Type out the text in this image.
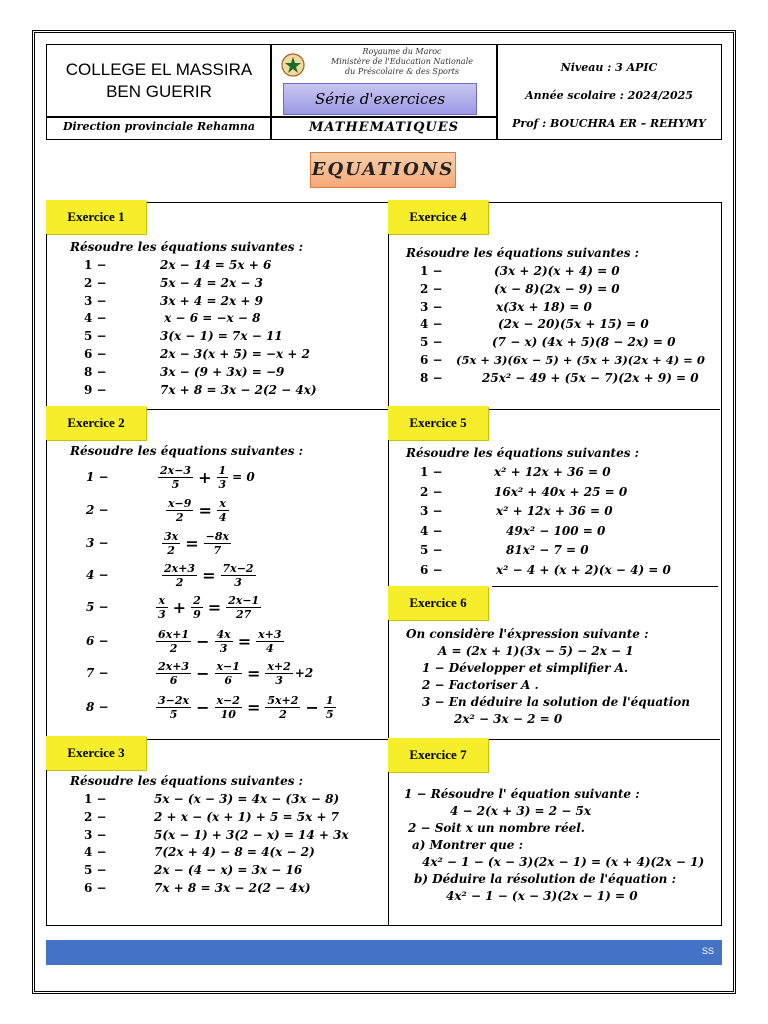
COLLEGE EL MASSIRA
BEN GUERIR
Direction provinciale Rehamna
Royaume du Maroc
Ministère de l'Education Nationale
du Préscolaire & des Sports
Série d'exercices
MATHEMATIQUES
Niveau : 3 APIC
Année scolaire : 2024/2025
Prof : BOUCHRA ER – REHYMY
EQUATIONS
Exercice 1
Résoudre les équations suivantes :
1 −	2x − 14 = 5x + 6
2 −	5x − 4 = 2x − 3
3 −	3x + 4 = 2x + 9
4 −	x − 6 = −x − 8
5 −	3(x − 1) = 7x − 11
6 −	2x − 3(x + 5) = −x + 2
8 −	3x − (9 + 3x) = −9
9 −	7x + 8 = 3x − 2(2 − 4x)
Exercice 4
Résoudre les équations suivantes :
1 −	(3x + 2)(x + 4) = 0
2 −	(x − 8)(2x − 9) = 0
3 −	x(3x + 18) = 0
4 −	(2x − 20)(5x + 15) = 0
5 −	(7 − x) (4x + 5)(8 − 2x) = 0
6 − (5x + 3)(6x − 5) + (5x + 3)(2x + 4) = 0
8 −	25x² − 49 + (5x − 7)(2x + 9) = 0
Exercice 2
Résoudre les équations suivantes :
1 −	$\frac{2x-3}{5} + \frac{1}{3} = 0$
2 −	$\frac{x-9}{2} = \frac{x}{4}$
3 −	$\frac{3x}{2} = \frac{-8x}{7}$
4 −	$\frac{2x+3}{2} = \frac{7x-2}{3}$
5 −	$\frac{x}{3} + \frac{2}{9} = \frac{2x-1}{27}$
6 −	$\frac{6x+1}{2} - \frac{4x}{3} = \frac{x+3}{4}$
7 −	$\frac{2x+3}{6} - \frac{x-1}{6} = \frac{x+2}{3} +2$
8 −	$\frac{3-2x}{5} - \frac{x-2}{10} = \frac{5x+2}{2} - \frac{1}{5}$
Exercice 5
Résoudre les équations suivantes :
1 −	x² + 12x + 36 = 0
2 −	16x² + 40x + 25 = 0
3 −	x² + 12x + 36 = 0
4 −	49x² − 100 = 0
5 −	81x² − 7 = 0
6 −	x² − 4 + (x + 2)(x − 4) = 0
Exercice 6
On considère l'éxpression suivante :
A = (2x + 1)(3x − 5) − 2x − 1
1 − Développer et simplifier A.
2 − Factoriser A .
3 − En déduire la solution de l'équation
2x² − 3x − 2 = 0
Exercice 3
Résoudre les équations suivantes :
1 −	5x − (x − 3) = 4x − (3x − 8)
2 −	2 + x − (x + 1) + 5 = 5x + 7
3 −	5(x − 1) + 3(2 − x) = 14 + 3x
4 −	7(2x + 4) − 8 = 4(x − 2)
5 −	2x − (4 − x) = 3x − 16
6 −	7x + 8 = 3x − 2(2 − 4x)
Exercice 7
1 − Résoudre l' équation suivante :
4 − 2(x + 3) = 2 − 5x
2 − Soit x un nombre réel.
a) Montrer que :
4x² − 1 − (x − 3)(2x − 1) = (x + 4)(2x − 1)
b) Déduire la résolution de l'équation :
4x² − 1 − (x − 3)(2x − 1) = 0
SS
